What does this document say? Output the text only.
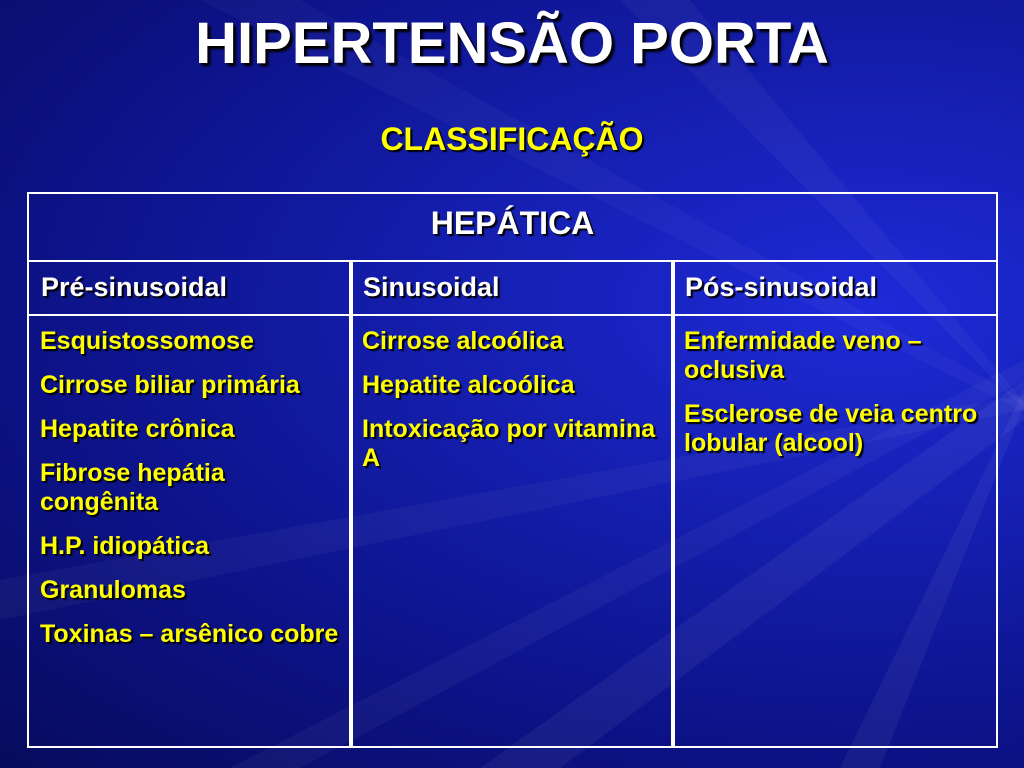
HIPERTENSÃO PORTA
CLASSIFICAÇÃO
HEPÁTICA
Pré-sinusoidal	Sinusoidal	Pós-sinusoidal
Esquistossomose
Cirrose biliar primária
Hepatite crônica
Fibrose hepátia congênita
H.P. idiopática
Granulomas
Toxinas – arsênico cobre
Cirrose alcoólica
Hepatite alcoólica
Intoxicação por vitamina A
Enfermidade veno – oclusiva
Esclerose de veia centro lobular (alcool)
